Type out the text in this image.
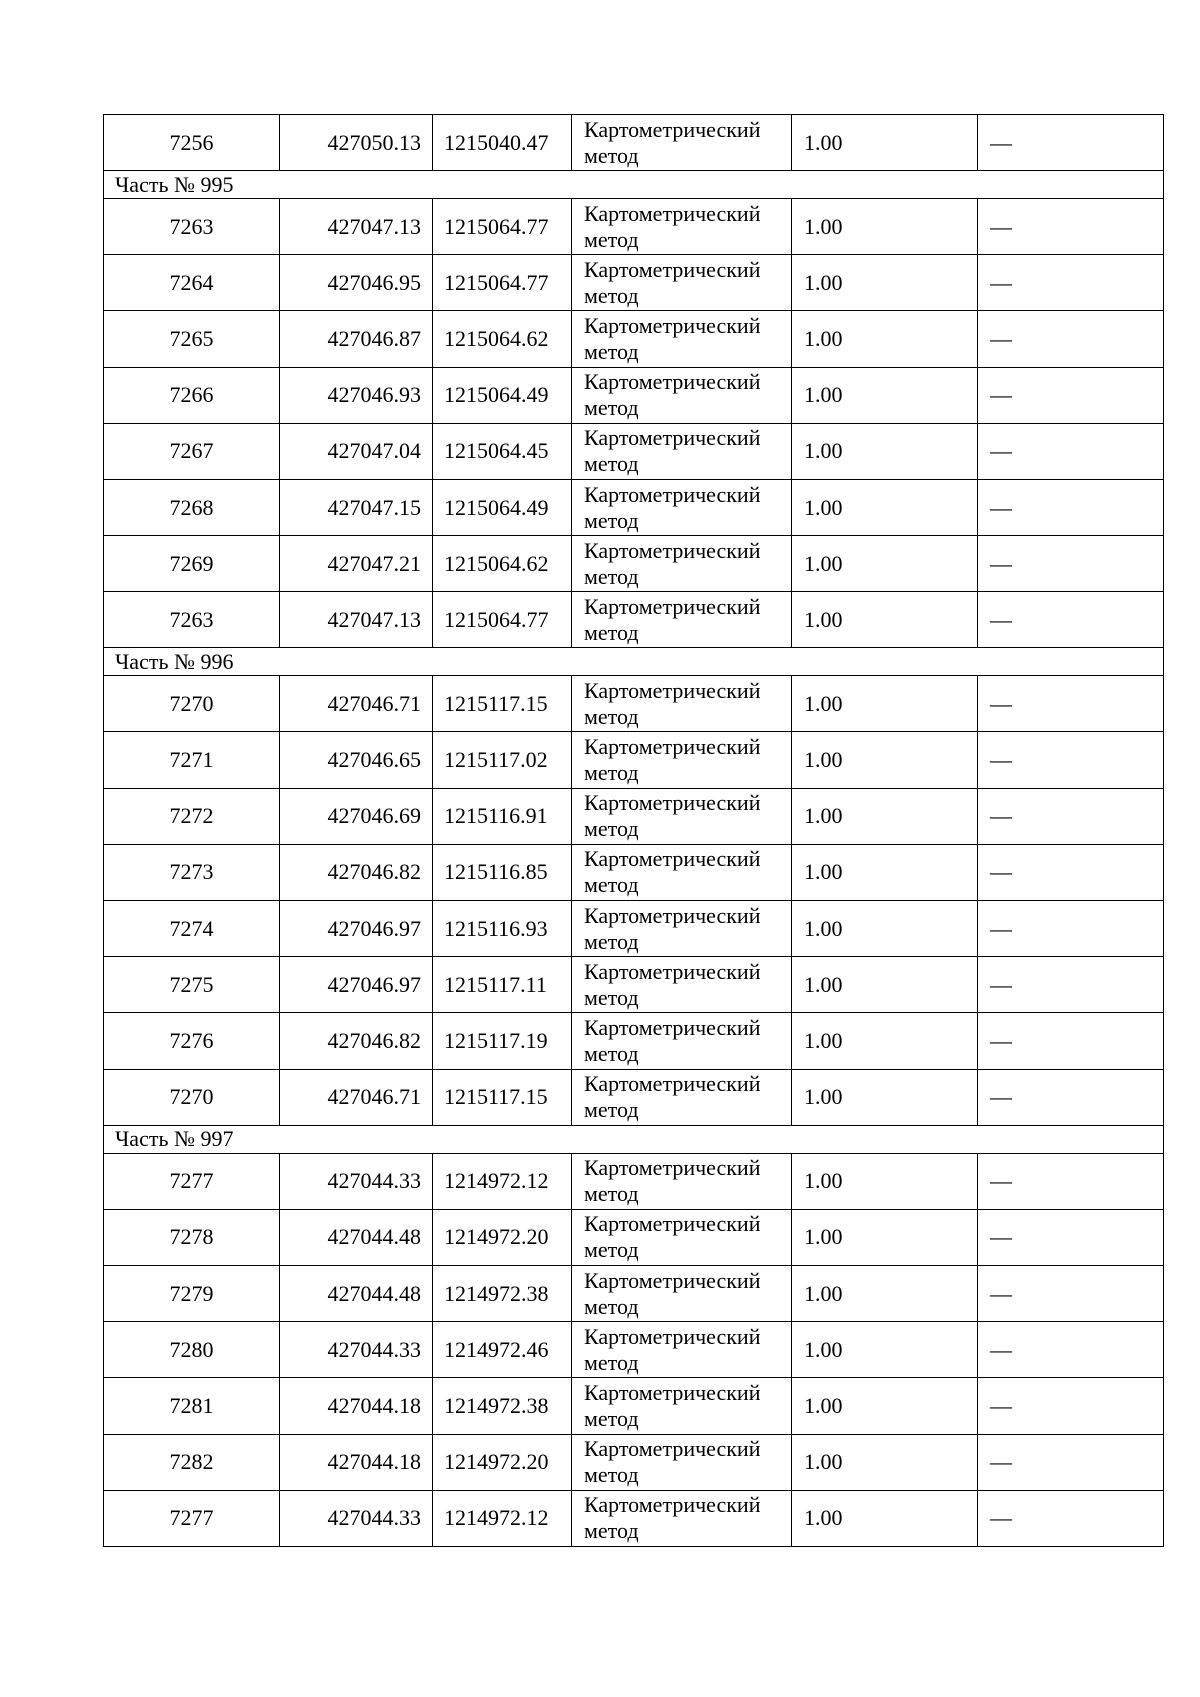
7256	427050.13	1215040.47	Картометрический
метод	1.00	—
Часть № 995					
7263	427047.13	1215064.77	Картометрический
метод	1.00	—
7264	427046.95	1215064.77	Картометрический
метод	1.00	—
7265	427046.87	1215064.62	Картометрический
метод	1.00	—
7266	427046.93	1215064.49	Картометрический
метод	1.00	—
7267	427047.04	1215064.45	Картометрический
метод	1.00	—
7268	427047.15	1215064.49	Картометрический
метод	1.00	—
7269	427047.21	1215064.62	Картометрический
метод	1.00	—
7263	427047.13	1215064.77	Картометрический
метод	1.00	—
Часть № 996					
7270	427046.71	1215117.15	Картометрический
метод	1.00	—
7271	427046.65	1215117.02	Картометрический
метод	1.00	—
7272	427046.69	1215116.91	Картометрический
метод	1.00	—
7273	427046.82	1215116.85	Картометрический
метод	1.00	—
7274	427046.97	1215116.93	Картометрический
метод	1.00	—
7275	427046.97	1215117.11	Картометрический
метод	1.00	—
7276	427046.82	1215117.19	Картометрический
метод	1.00	—
7270	427046.71	1215117.15	Картометрический
метод	1.00	—
Часть № 997					
7277	427044.33	1214972.12	Картометрический
метод	1.00	—
7278	427044.48	1214972.20	Картометрический
метод	1.00	—
7279	427044.48	1214972.38	Картометрический
метод	1.00	—
7280	427044.33	1214972.46	Картометрический
метод	1.00	—
7281	427044.18	1214972.38	Картометрический
метод	1.00	—
7282	427044.18	1214972.20	Картометрический
метод	1.00	—
7277	427044.33	1214972.12	Картометрический
метод	1.00	—
